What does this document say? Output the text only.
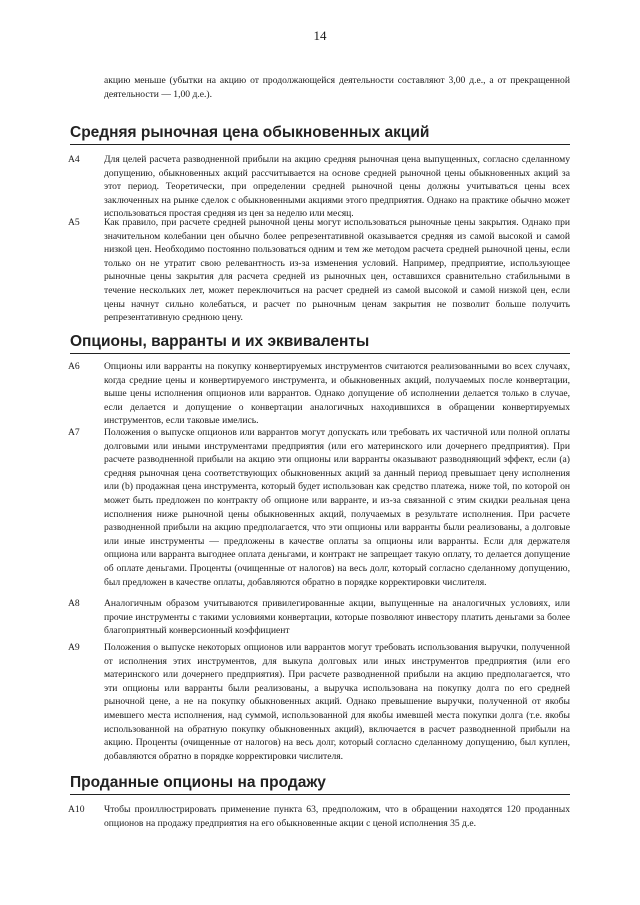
14
акцию меньше (убытки на акцию от продолжающейся деятельности составляют 3,00 д.е., а от прекращенной деятельности — 1,00 д.е.).
Средняя рыночная цена обыкновенных акций
A4	Для целей расчета разводненной прибыли на акцию средняя рыночная цена выпущенных, согласно сделанному допущению, обыкновенных акций рассчитывается на основе средней рыночной цены обыкновенных акций за этот период. Теоретически, при определении средней рыночной цены должны учитываться цены всех заключенных на рынке сделок с обыкновенными акциями этого предприятия. Однако на практике обычно может использоваться простая средняя из цен за неделю или месяц.
A5	Как правило, при расчете средней рыночной цены могут использоваться рыночные цены закрытия. Однако при значительном колебании цен обычно более репрезентативной оказывается средняя из самой высокой и самой низкой цен. Необходимо постоянно пользоваться одним и тем же методом расчета средней рыночной цены, если только он не утратит свою релевантность из-за изменения условий. Например, предприятие, использующее рыночные цены закрытия для расчета средней из рыночных цен, оставшихся сравнительно стабильными в течение нескольких лет, может переключиться на расчет средней из самой высокой и самой низкой цен, если цены начнут сильно колебаться, и расчет по рыночным ценам закрытия не позволит больше получить репрезентативную среднюю цену.
Опционы, варранты и их эквиваленты
A6	Опционы или варранты на покупку конвертируемых инструментов считаются реализованными во всех случаях, когда средние цены и конвертируемого инструмента, и обыкновенных акций, получаемых после конвертации, выше цены исполнения опционов или варрантов. Однако допущение об исполнении делается только в случае, если делается и допущение о конвертации аналогичных находившихся в обращении конвертируемых инструментов, если таковые имелись.
A7	Положения о выпуске опционов или варрантов могут допускать или требовать их частичной или полной оплаты долговыми или иными инструментами предприятия (или его материнского или дочернего предприятия). При расчете разводненной прибыли на акцию эти опционы или варранты оказывают разводняющий эффект, если (a) средняя рыночная цена соответствующих обыкновенных акций за данный период превышает цену исполнения или (b) продажная цена инструмента, который будет использован как средство платежа, ниже той, по которой он может быть предложен по контракту об опционе или варранте, и из-за связанной с этим скидки реальная цена исполнения ниже рыночной цены обыкновенных акций, получаемых в результате исполнения. При расчете разводненной прибыли на акцию предполагается, что эти опционы или варранты были реализованы, а долговые или иные инструменты — предложены в качестве оплаты за опционы или варранты. Если для держателя опциона или варранта выгоднее оплата деньгами, и контракт не запрещает такую оплату, то делается допущение об оплате деньгами. Проценты (очищенные от налогов) на весь долг, который согласно сделанному допущению, был предложен в качестве оплаты, добавляются обратно в порядке корректировки числителя.
A8	Аналогичным образом учитываются привилегированные акции, выпущенные на аналогичных условиях, или прочие инструменты с такими условиями конвертации, которые позволяют инвестору платить деньгами за более благоприятный конверсионный коэффициент
A9	Положения о выпуске некоторых опционов или варрантов могут требовать использования выручки, полученной от исполнения этих инструментов, для выкупа долговых или иных инструментов предприятия (или его материнского или дочернего предприятия). При расчете разводненной прибыли на акцию предполагается, что эти опционы или варранты были реализованы, а выручка использована на покупку долга по его средней рыночной цене, а не на покупку обыкновенных акций. Однако превышение выручки, полученной от якобы имевшего места исполнения, над суммой, использованной для якобы имевшей места покупки долга (т.е. якобы использованной на обратную покупку обыкновенных акций), включается в расчет разводненной прибыли на акцию. Проценты (очищенные от налогов) на весь долг, который согласно сделанному допущению, был куплен, добавляются обратно в порядке корректировки числителя.
Проданные опционы на продажу
A10	Чтобы проиллюстрировать применение пункта 63, предположим, что в обращении находятся 120 проданных опционов на продажу предприятия на его обыкновенные акции с ценой исполнения 35 д.е.
